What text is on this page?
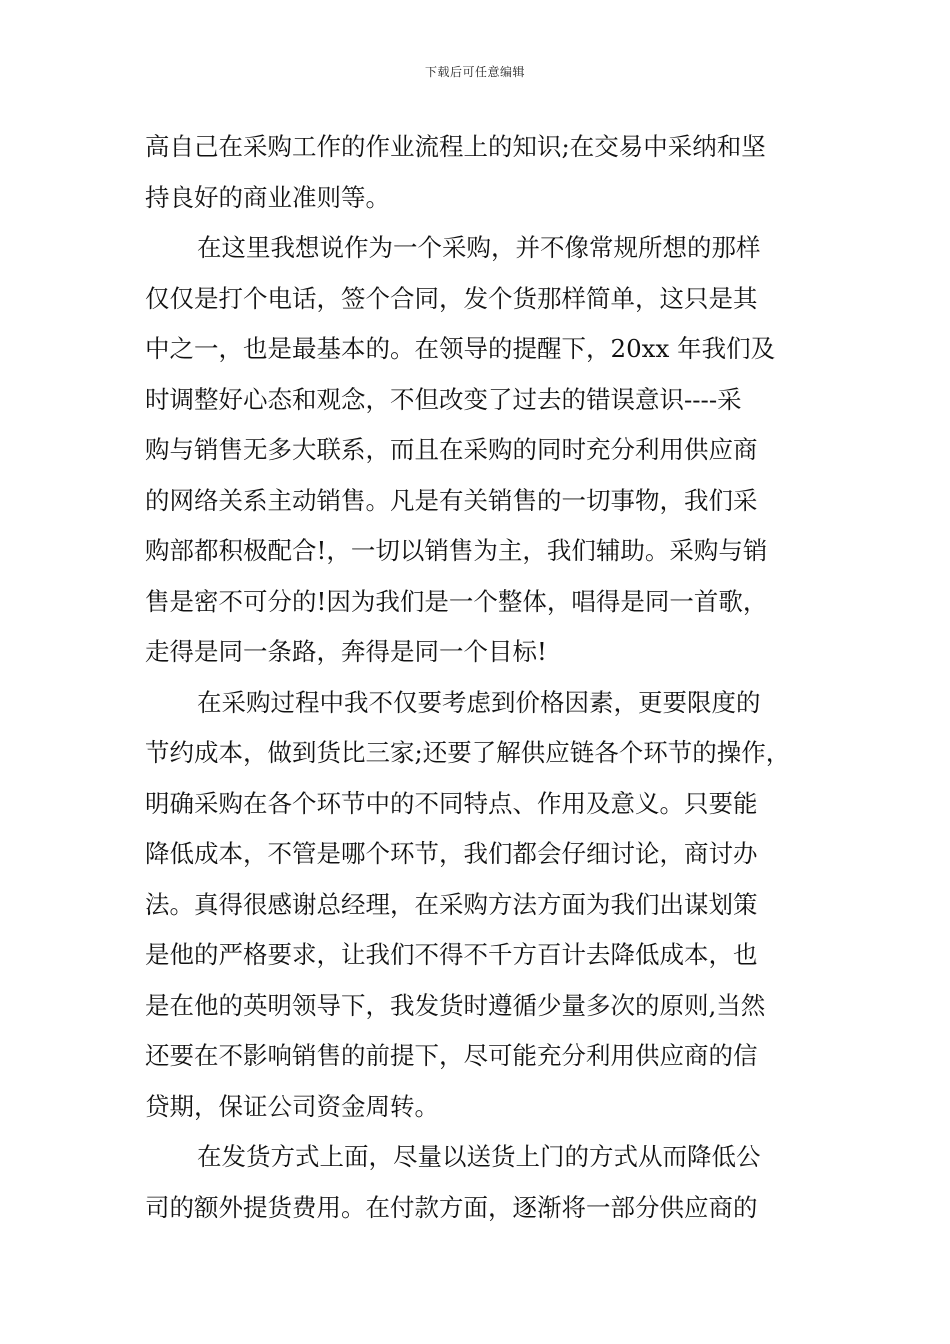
下载后可任意编辑
高自己在采购工作的作业流程上的知识;在交易中采纳和坚
持良好的商业准则等。
在这里我想说作为一个采购，并不像常规所想的那样
仅仅是打个电话，签个合同，发个货那样简单，这只是其
中之一，也是最基本的。在领导的提醒下，20xx 年我们及
时调整好心态和观念，不但改变了过去的错误意识----采
购与销售无多大联系，而且在采购的同时充分利用供应商
的网络关系主动销售。凡是有关销售的一切事物，我们采
购部都积极配合!，一切以销售为主，我们辅助。采购与销
售是密不可分的!因为我们是一个整体，唱得是同一首歌，
走得是同一条路，奔得是同一个目标!
在采购过程中我不仅要考虑到价格因素，更要限度的
节约成本，做到货比三家;还要了解供应链各个环节的操作，
明确采购在各个环节中的不同特点、作用及意义。只要能
降低成本，不管是哪个环节，我们都会仔细讨论，商讨办
法。真得很感谢总经理，在采购方法方面为我们出谋划策
是他的严格要求，让我们不得不千方百计去降低成本，也
是在他的英明领导下，我发货时遵循少量多次的原则,当然
还要在不影响销售的前提下，尽可能充分利用供应商的信
贷期，保证公司资金周转。
在发货方式上面，尽量以送货上门的方式从而降低公
司的额外提货费用。在付款方面，逐渐将一部分供应商的
